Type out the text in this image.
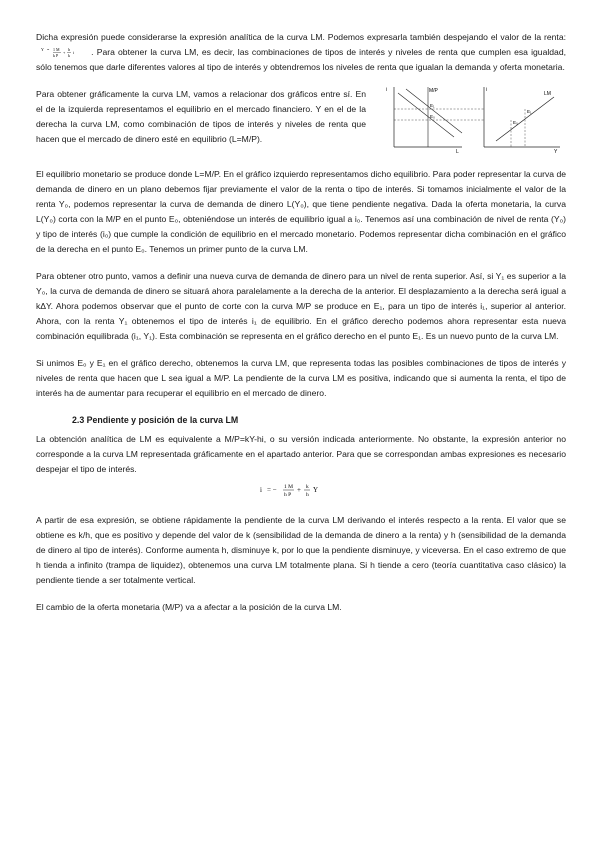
Dicha expresión puede considerarse la expresión analítica de la curva LM. Podemos expresarla también despejando el valor de la renta:
Y = 1 M
k P
+
h
k
i . Para obtener la curva LM, es decir, las combinaciones de tipos de interés y niveles de renta que cumplen esa igualdad, sólo tenemos que darle diferentes valores al tipo de interés y obtendremos los niveles de renta que igualan la demanda y oferta monetaria.

Para obtener gráficamente la curva LM, vamos a relacionar dos gráficos entre sí. En el de la izquierda representamos el equilibrio en el mercado financiero. Y en el de la derecha la curva LM, como combinación de tipos de interés y niveles de renta que hacen que el mercado de dinero esté en equilibrio (L=M/P).

M/P
i
L
E₀
E₁
LM
E₀
E₁
i
Y

El equilibrio monetario se produce donde L=M/P. En el gráfico izquierdo representamos dicho equilibrio. Para poder representar la curva de demanda de dinero en un plano debemos fijar previamente el valor de la renta o tipo de interés. Si tomamos inicialmente el valor de la renta Y₀, podemos representar la curva de demanda de dinero L(Y₀), que tiene pendiente negativa. Dada la oferta monetaria, la curva L(Y₀) corta con la M/P en el punto E₀, obteniéndose un interés de equilibrio igual a i₀. Tenemos así una combinación de nivel de renta (Y₀) y tipo de interés (i₀) que cumple la condición de equilibrio en el mercado monetario. Podemos representar dicha combinación en el gráfico de la derecha en el punto E₀. Tenemos un primer punto de la curva LM.

Para obtener otro punto, vamos a definir una nueva curva de demanda de dinero para un nivel de renta superior. Así, si Y₁ es superior a la Y₀, la curva de demanda de dinero se situará ahora paralelamente a la derecha de la anterior. El desplazamiento a la derecha será igual a kΔY. Ahora podemos observar que el punto de corte con la curva M/P se produce en E₁, para un tipo de interés i₁, superior al anterior. Ahora, con la renta Y₁ obtenemos el tipo de interés i₁ de equilibrio. En el gráfico derecho podemos ahora representar esta nueva combinación equilibrada (i₁, Y₁). Esta combinación se representa en el gráfico derecho en el punto E₁. Es un nuevo punto de la curva LM.

Si unimos E₀ y E₁ en el gráfico derecho, obtenemos la curva LM, que representa todas las posibles combinaciones de tipos de interés y niveles de renta que hacen que L sea igual a M/P. La pendiente de la curva LM es positiva, indicando que si aumenta la renta, el tipo de interés ha de aumentar para recuperar el equilibrio en el mercado de dinero.

2.3 Pendiente y posición de la curva LM

La obtención analítica de LM es equivalente a M/P=kY-hi, o su versión indicada anteriormente. No obstante, la expresión anterior no corresponde a la curva LM representada gráficamente en el apartado anterior. Para que se correspondan ambas expresiones es necesario despejar el tipo de interés.

i = − 1 M
h P
+ k
h
Y

A partir de esa expresión, se obtiene rápidamente la pendiente de la curva LM derivando el interés respecto a la renta. El valor que se obtiene es k/h, que es positivo y depende del valor de k (sensibilidad de la demanda de dinero a la renta) y h (sensibilidad de la demanda de dinero al tipo de interés). Conforme aumenta h, disminuye k, por lo que la pendiente disminuye, y viceversa. En el caso extremo de que h tienda a infinito (trampa de liquidez), obtenemos una curva LM totalmente plana. Si h tiende a cero (teoría cuantitativa caso clásico) la pendiente tiende a ser totalmente vertical.

El cambio de la oferta monetaria (M/P) va a afectar a la posición de la curva LM.
